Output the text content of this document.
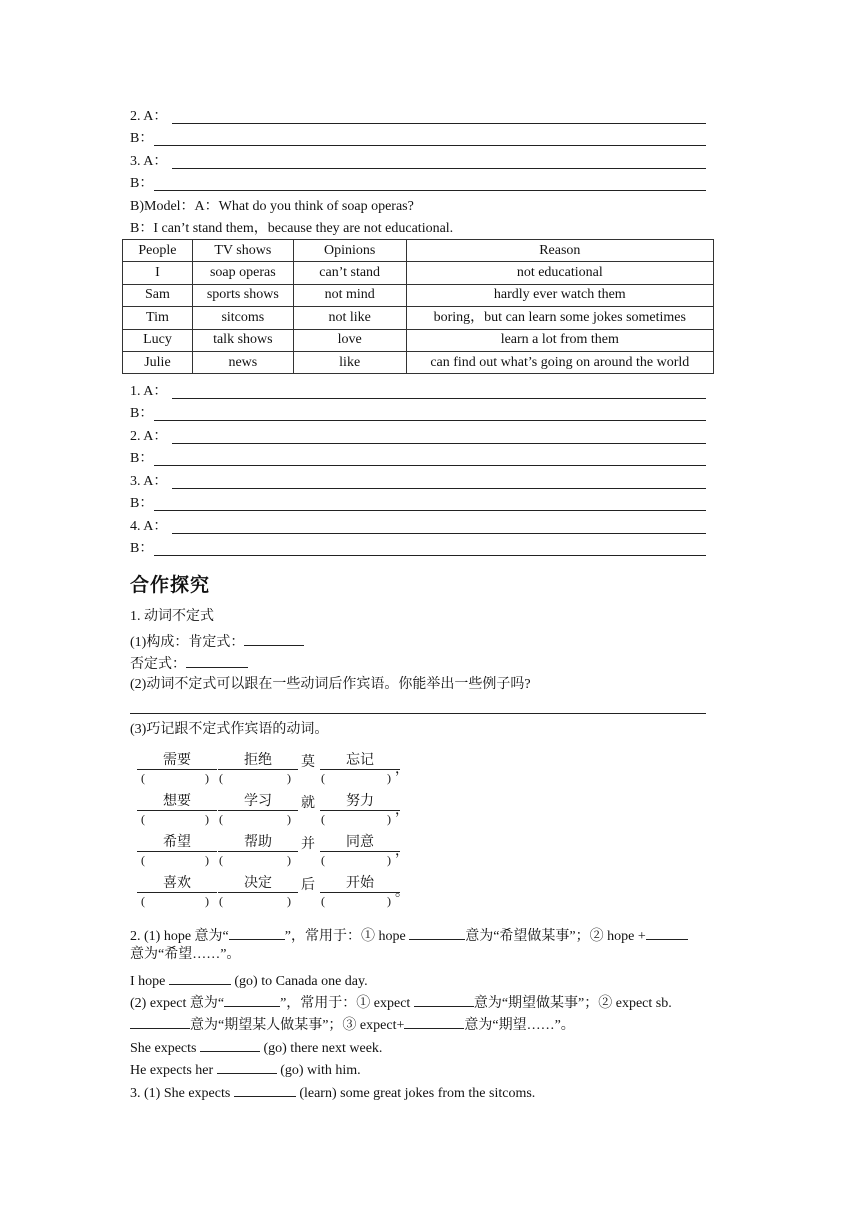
2. A：
B：
3. A：
B：
B)Model：A：What do you think of soap operas?
B：I can’t stand them，because they are not educational.
People	TV shows	Opinions	Reason
I	soap operas	can’t stand	not educational
Sam	sports shows	not mind	hardly ever watch them
Tim	sitcoms	not like	boring，but can learn some jokes sometimes
Lucy	talk shows	love	learn a lot from them
Julie	news	like	can find out what’s going on around the world
1. A：
B：
2. A：
B：
3. A：
B：
4. A：
B：
合作探究
1. 动词不定式
(1)构成：肯定式：
否定式：
(2)动词不定式可以跟在一些动词后作宾语。你能举出一些例子吗?
(3)巧记跟不定式作宾语的动词。
需要	拒绝	莫	忘记
，
(	) (	)	(	)
想要	学习	就	努力
，
(	) (	)	(	)
希望	帮助	并	同意
，
(	) (	)	(	)
喜欢	决定	后	开始
。
(	) (	)	(	)
2. (1) hope 意为“	”，常用于：① hope	意为“希望做某事”；② hope +
意为“希望……”。
I hope	(go) to Canada one day.
(2) expect 意为“	”，常用于：① expect	意为“期望做某事”；② expect sb.
意为“期望某人做某事”；③ expect+	意为“期望……”。
She expects	(go) there next week.
He expects her	(go) with him.
3. (1) She expects	(learn) some great jokes from the sitcoms.
